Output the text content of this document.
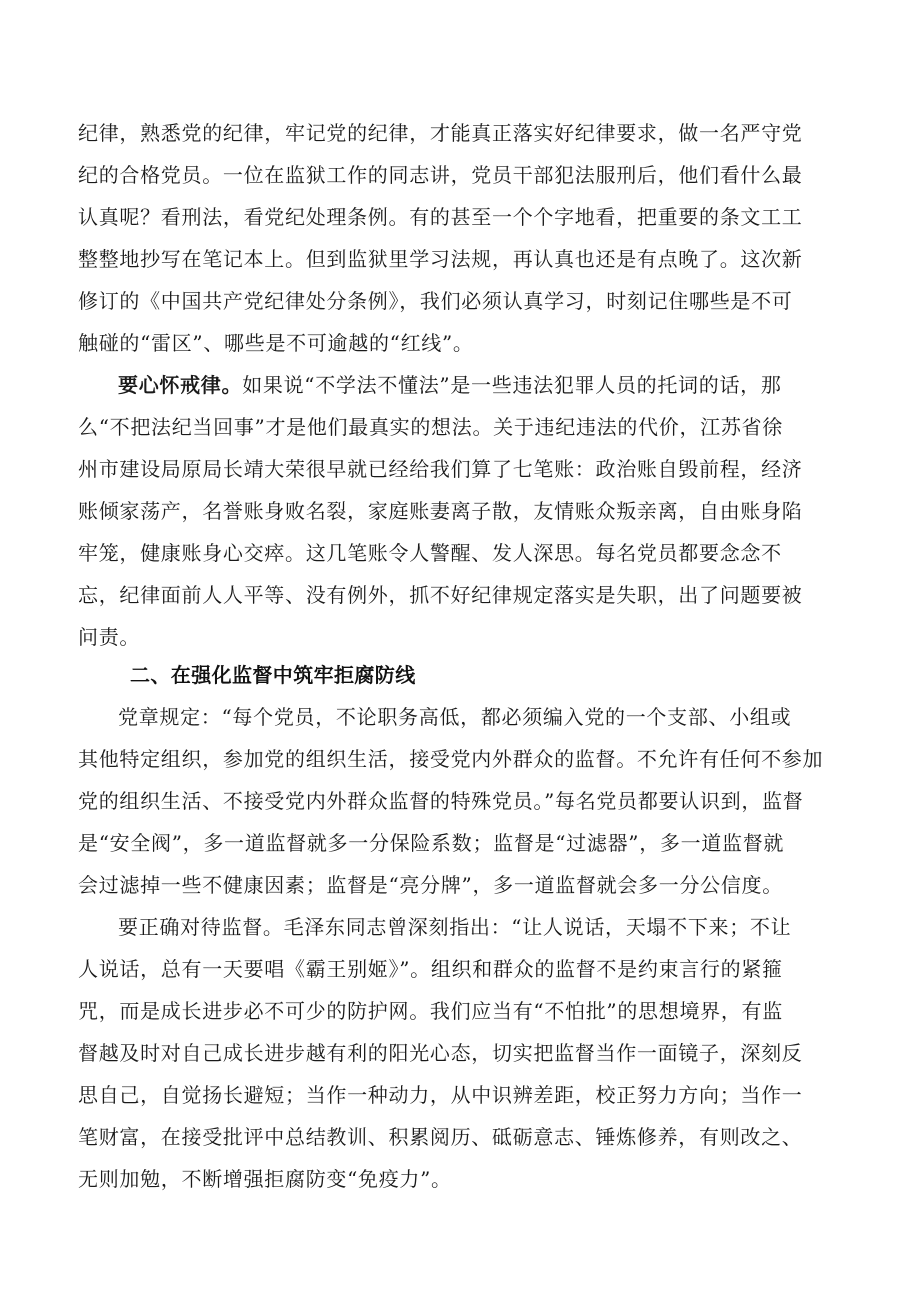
纪律，熟悉党的纪律，牢记党的纪律，才能真正落实好纪律要求，做一名严守党
纪的合格党员。一位在监狱工作的同志讲，党员干部犯法服刑后，他们看什么最
认真呢？看刑法，看党纪处理条例。有的甚至一个个字地看，把重要的条文工工
整整地抄写在笔记本上。但到监狱里学习法规，再认真也还是有点晚了。这次新
修订的《中国共产党纪律处分条例》，我们必须认真学习，时刻记住哪些是不可
触碰的“雷区”、哪些是不可逾越的“红线”。
要心怀戒律。如果说“不学法不懂法”是一些违法犯罪人员的托词的话，那
么“不把法纪当回事”才是他们最真实的想法。关于违纪违法的代价，江苏省徐
州市建设局原局长靖大荣很早就已经给我们算了七笔账：政治账自毁前程，经济
账倾家荡产，名誉账身败名裂，家庭账妻离子散，友情账众叛亲离，自由账身陷
牢笼，健康账身心交瘁。这几笔账令人警醒、发人深思。每名党员都要念念不
忘，纪律面前人人平等、没有例外，抓不好纪律规定落实是失职，出了问题要被
问责。
二、在强化监督中筑牢拒腐防线
党章规定：“每个党员，不论职务高低，都必须编入党的一个支部、小组或
其他特定组织，参加党的组织生活，接受党内外群众的监督。不允许有任何不参加
党的组织生活、不接受党内外群众监督的特殊党员。”每名党员都要认识到，监督
是“安全阀”，多一道监督就多一分保险系数；监督是“过滤器”，多一道监督就
会过滤掉一些不健康因素；监督是“亮分牌”，多一道监督就会多一分公信度。
要正确对待监督。毛泽东同志曾深刻指出：“让人说话，天塌不下来；不让
人说话，总有一天要唱《霸王别姬》”。组织和群众的监督不是约束言行的紧箍
咒，而是成长进步必不可少的防护网。我们应当有“不怕批”的思想境界，有监
督越及时对自己成长进步越有利的阳光心态，切实把监督当作一面镜子，深刻反
思自己，自觉扬长避短；当作一种动力，从中识辨差距，校正努力方向；当作一
笔财富，在接受批评中总结教训、积累阅历、砥砺意志、锤炼修养，有则改之、
无则加勉，不断增强拒腐防变“免疫力”。
